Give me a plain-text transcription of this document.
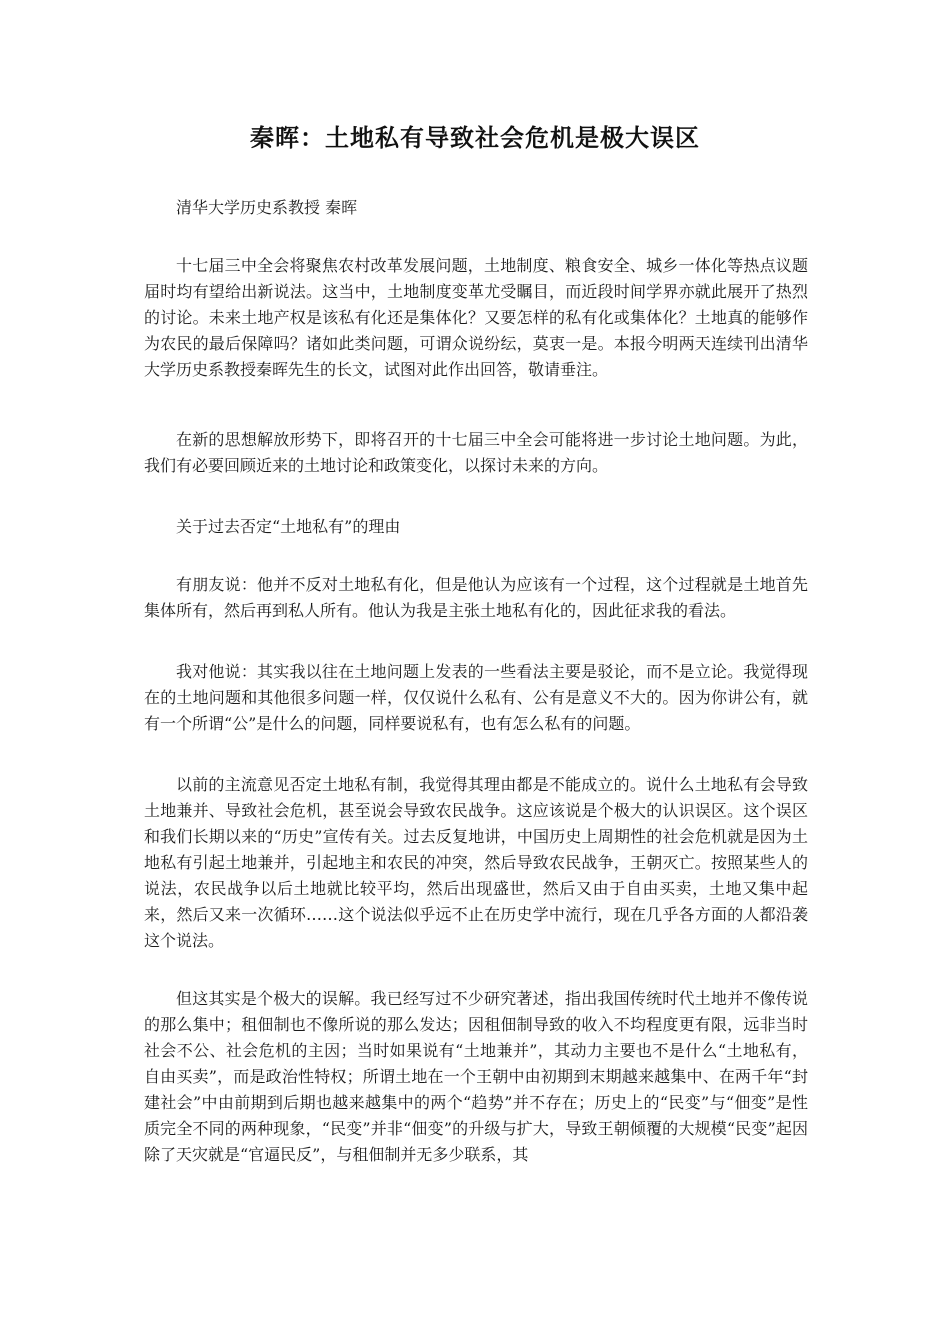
秦晖：土地私有导致社会危机是极大误区
清华大学历史系教授 秦晖
十七届三中全会将聚焦农村改革发展问题，土地制度、粮食安全、城乡一体化等热点议题届时均有望给出新说法。这当中，土地制度变革尤受瞩目，而近段时间学界亦就此展开了热烈的讨论。未来土地产权是该私有化还是集体化？又要怎样的私有化或集体化？土地真的能够作为农民的最后保障吗？诸如此类问题，可谓众说纷纭，莫衷一是。本报今明两天连续刊出清华大学历史系教授秦晖先生的长文，试图对此作出回答，敬请垂注。
在新的思想解放形势下，即将召开的十七届三中全会可能将进一步讨论土地问题。为此，我们有必要回顾近来的土地讨论和政策变化，以探讨未来的方向。
关于过去否定“土地私有”的理由
有朋友说：他并不反对土地私有化，但是他认为应该有一个过程，这个过程就是土地首先集体所有，然后再到私人所有。他认为我是主张土地私有化的，因此征求我的看法。
我对他说：其实我以往在土地问题上发表的一些看法主要是驳论，而不是立论。我觉得现在的土地问题和其他很多问题一样，仅仅说什么私有、公有是意义不大的。因为你讲公有，就有一个所谓“公”是什么的问题，同样要说私有，也有怎么私有的问题。
以前的主流意见否定土地私有制，我觉得其理由都是不能成立的。说什么土地私有会导致土地兼并、导致社会危机，甚至说会导致农民战争。这应该说是个极大的认识误区。这个误区和我们长期以来的“历史”宣传有关。过去反复地讲，中国历史上周期性的社会危机就是因为土地私有引起土地兼并，引起地主和农民的冲突，然后导致农民战争，王朝灭亡。按照某些人的说法，农民战争以后土地就比较平均，然后出现盛世，然后又由于自由买卖，土地又集中起来，然后又来一次循环……这个说法似乎远不止在历史学中流行，现在几乎各方面的人都沿袭这个说法。
但这其实是个极大的误解。我已经写过不少研究著述，指出我国传统时代土地并不像传说的那么集中；租佃制也不像所说的那么发达；因租佃制导致的收入不均程度更有限，远非当时社会不公、社会危机的主因；当时如果说有“土地兼并”，其动力主要也不是什么“土地私有，自由买卖”，而是政治性特权；所谓土地在一个王朝中由初期到末期越来越集中、在两千年“封建社会”中由前期到后期也越来越集中的两个“趋势”并不存在；历史上的“民变”与“佃变”是性质完全不同的两种现象，“民变”并非“佃变”的升级与扩大，导致王朝倾覆的大规模“民变”起因除了天灾就是“官逼民反”，与租佃制并无多少联系，其
